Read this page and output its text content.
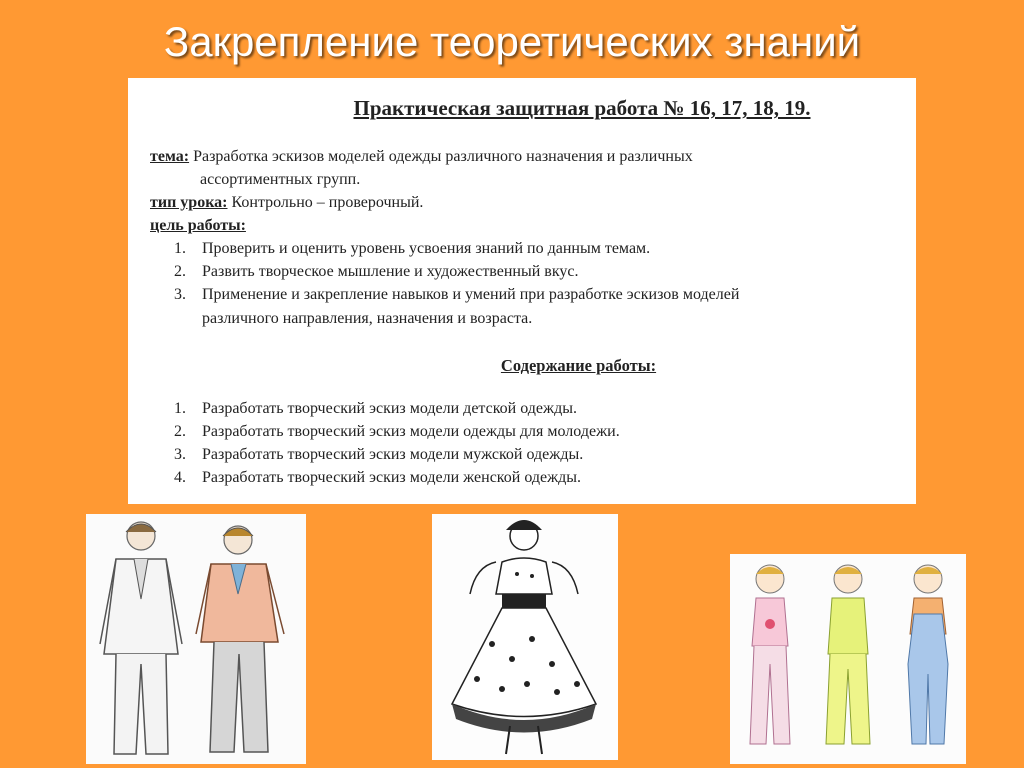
Закрепление теоретических знаний
Практическая защитная работа № 16, 17, 18, 19.
тема: Разработка эскизов моделей одежды различного назначения и различных
ассортиментных групп.
тип урока: Контрольно – проверочный.
цель работы:
1. Проверить и оценить уровень усвоения знаний по данным темам.
2. Развить творческое мышление и художественный вкус.
3. Применение и закрепление навыков и умений при разработке эскизов моделей
различного направления, назначения и возраста.
Содержание работы:
1. Разработать творческий эскиз модели детской одежды.
2. Разработать творческий эскиз модели одежды для молодежи.
3. Разработать творческий эскиз модели мужской одежды.
4. Разработать творческий эскиз модели женской одежды.
